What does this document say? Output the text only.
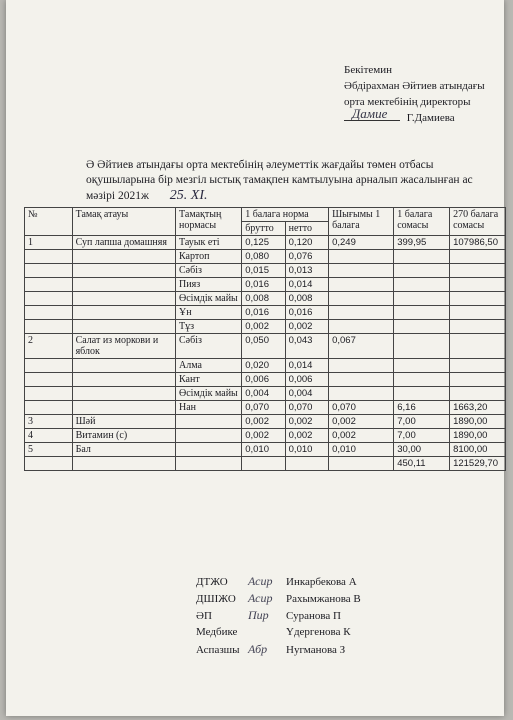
Бекітемин
Әбдірахман Әйтиев атындағы
орта мектебінің директоры

Дамие Г.Дамиева
Ә Әйтиев атындағы орта мектебінің әлеуметтік жағдайы төмен отбасы
оқушыларына бір мезгіл ыстық тамақпен камтылуына арналып жасалынған ас
мәзірі 2021ж 25. XI.
№	Тамақ атауы	Тамақтың нормасы	1 балага норма		Шығымы 1 балага	1 балага сомасы	270 балага сомасы
			брутто	нетто			
1	Суп лапша домашняя	Тауык еті	0,125	0,120	0,249	399,95	107986,50
		Картоп	0,080	0,076			
		Сәбіз	0,015	0,013			
		Пияз	0,016	0,014			
		Өсімдік майы	0,008	0,008			
		Ұн	0,016	0,016			
		Тұз	0,002	0,002			
2	Салат из моркови и яблок	Сәбіз	0,050	0,043	0,067		
		Алма	0,020	0,014			
		Кант	0,006	0,006			
		Өсімдік майы	0,004	0,004			
		Нан	0,070	0,070	0,070	6,16	1663,20
3	Шәй		0,002	0,002	0,002	7,00	1890,00
4	Витамин (с)		0,002	0,002	0,002	7,00	1890,00
5	Бал		0,010	0,010	0,010	30,00	8100,00
						450,11	121529,70
ДТЖО Асир Инкарбекова А
ДШІЖО Асир Рахымжанова В
ӘП	Пир Суранова П
Медбике	Үдергенова К
Аспазшы Абр Нугманова З
